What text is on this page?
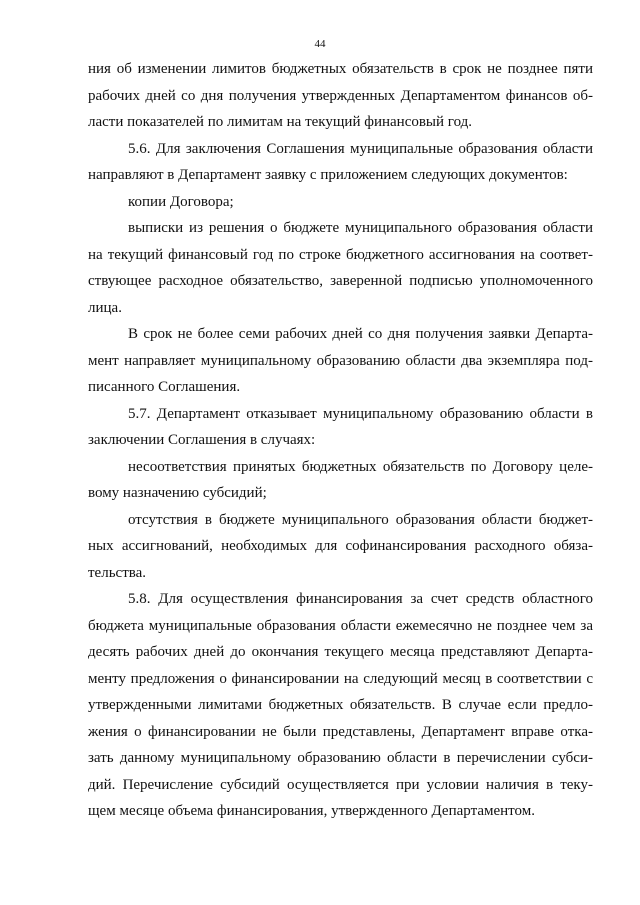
44
ния об изменении лимитов бюджетных обязательств в срок не позднее пяти
рабочих дней со дня получения утвержденных Департаментом финансов об-
ласти показателей по лимитам на текущий финансовый год.
5.6. Для заключения Соглашения муниципальные образования области
направляют в Департамент заявку с приложением следующих документов:
копии Договора;
выписки из решения о бюджете муниципального образования области
на текущий финансовый год по строке бюджетного ассигнования на соответ-
ствующее расходное обязательство, заверенной подписью уполномоченного
лица.
В срок не более семи рабочих дней со дня получения заявки Департа-
мент направляет муниципальному образованию области два экземпляра под-
писанного Соглашения.
5.7. Департамент отказывает муниципальному образованию области в
заключении Соглашения в случаях:
несоответствия принятых бюджетных обязательств по Договору целе-
вому назначению субсидий;
отсутствия в бюджете муниципального образования области бюджет-
ных ассигнований, необходимых для софинансирования расходного обяза-
тельства.
5.8. Для осуществления финансирования за счет средств областного
бюджета муниципальные образования области ежемесячно не позднее чем за
десять рабочих дней до окончания текущего месяца представляют Департа-
менту предложения о финансировании на следующий месяц в соответствии с
утвержденными лимитами бюджетных обязательств. В случае если предло-
жения о финансировании не были представлены, Департамент вправе отка-
зать данному муниципальному образованию области в перечислении субси-
дий. Перечисление субсидий осуществляется при условии наличия в теку-
щем месяце объема финансирования, утвержденного Департаментом.
